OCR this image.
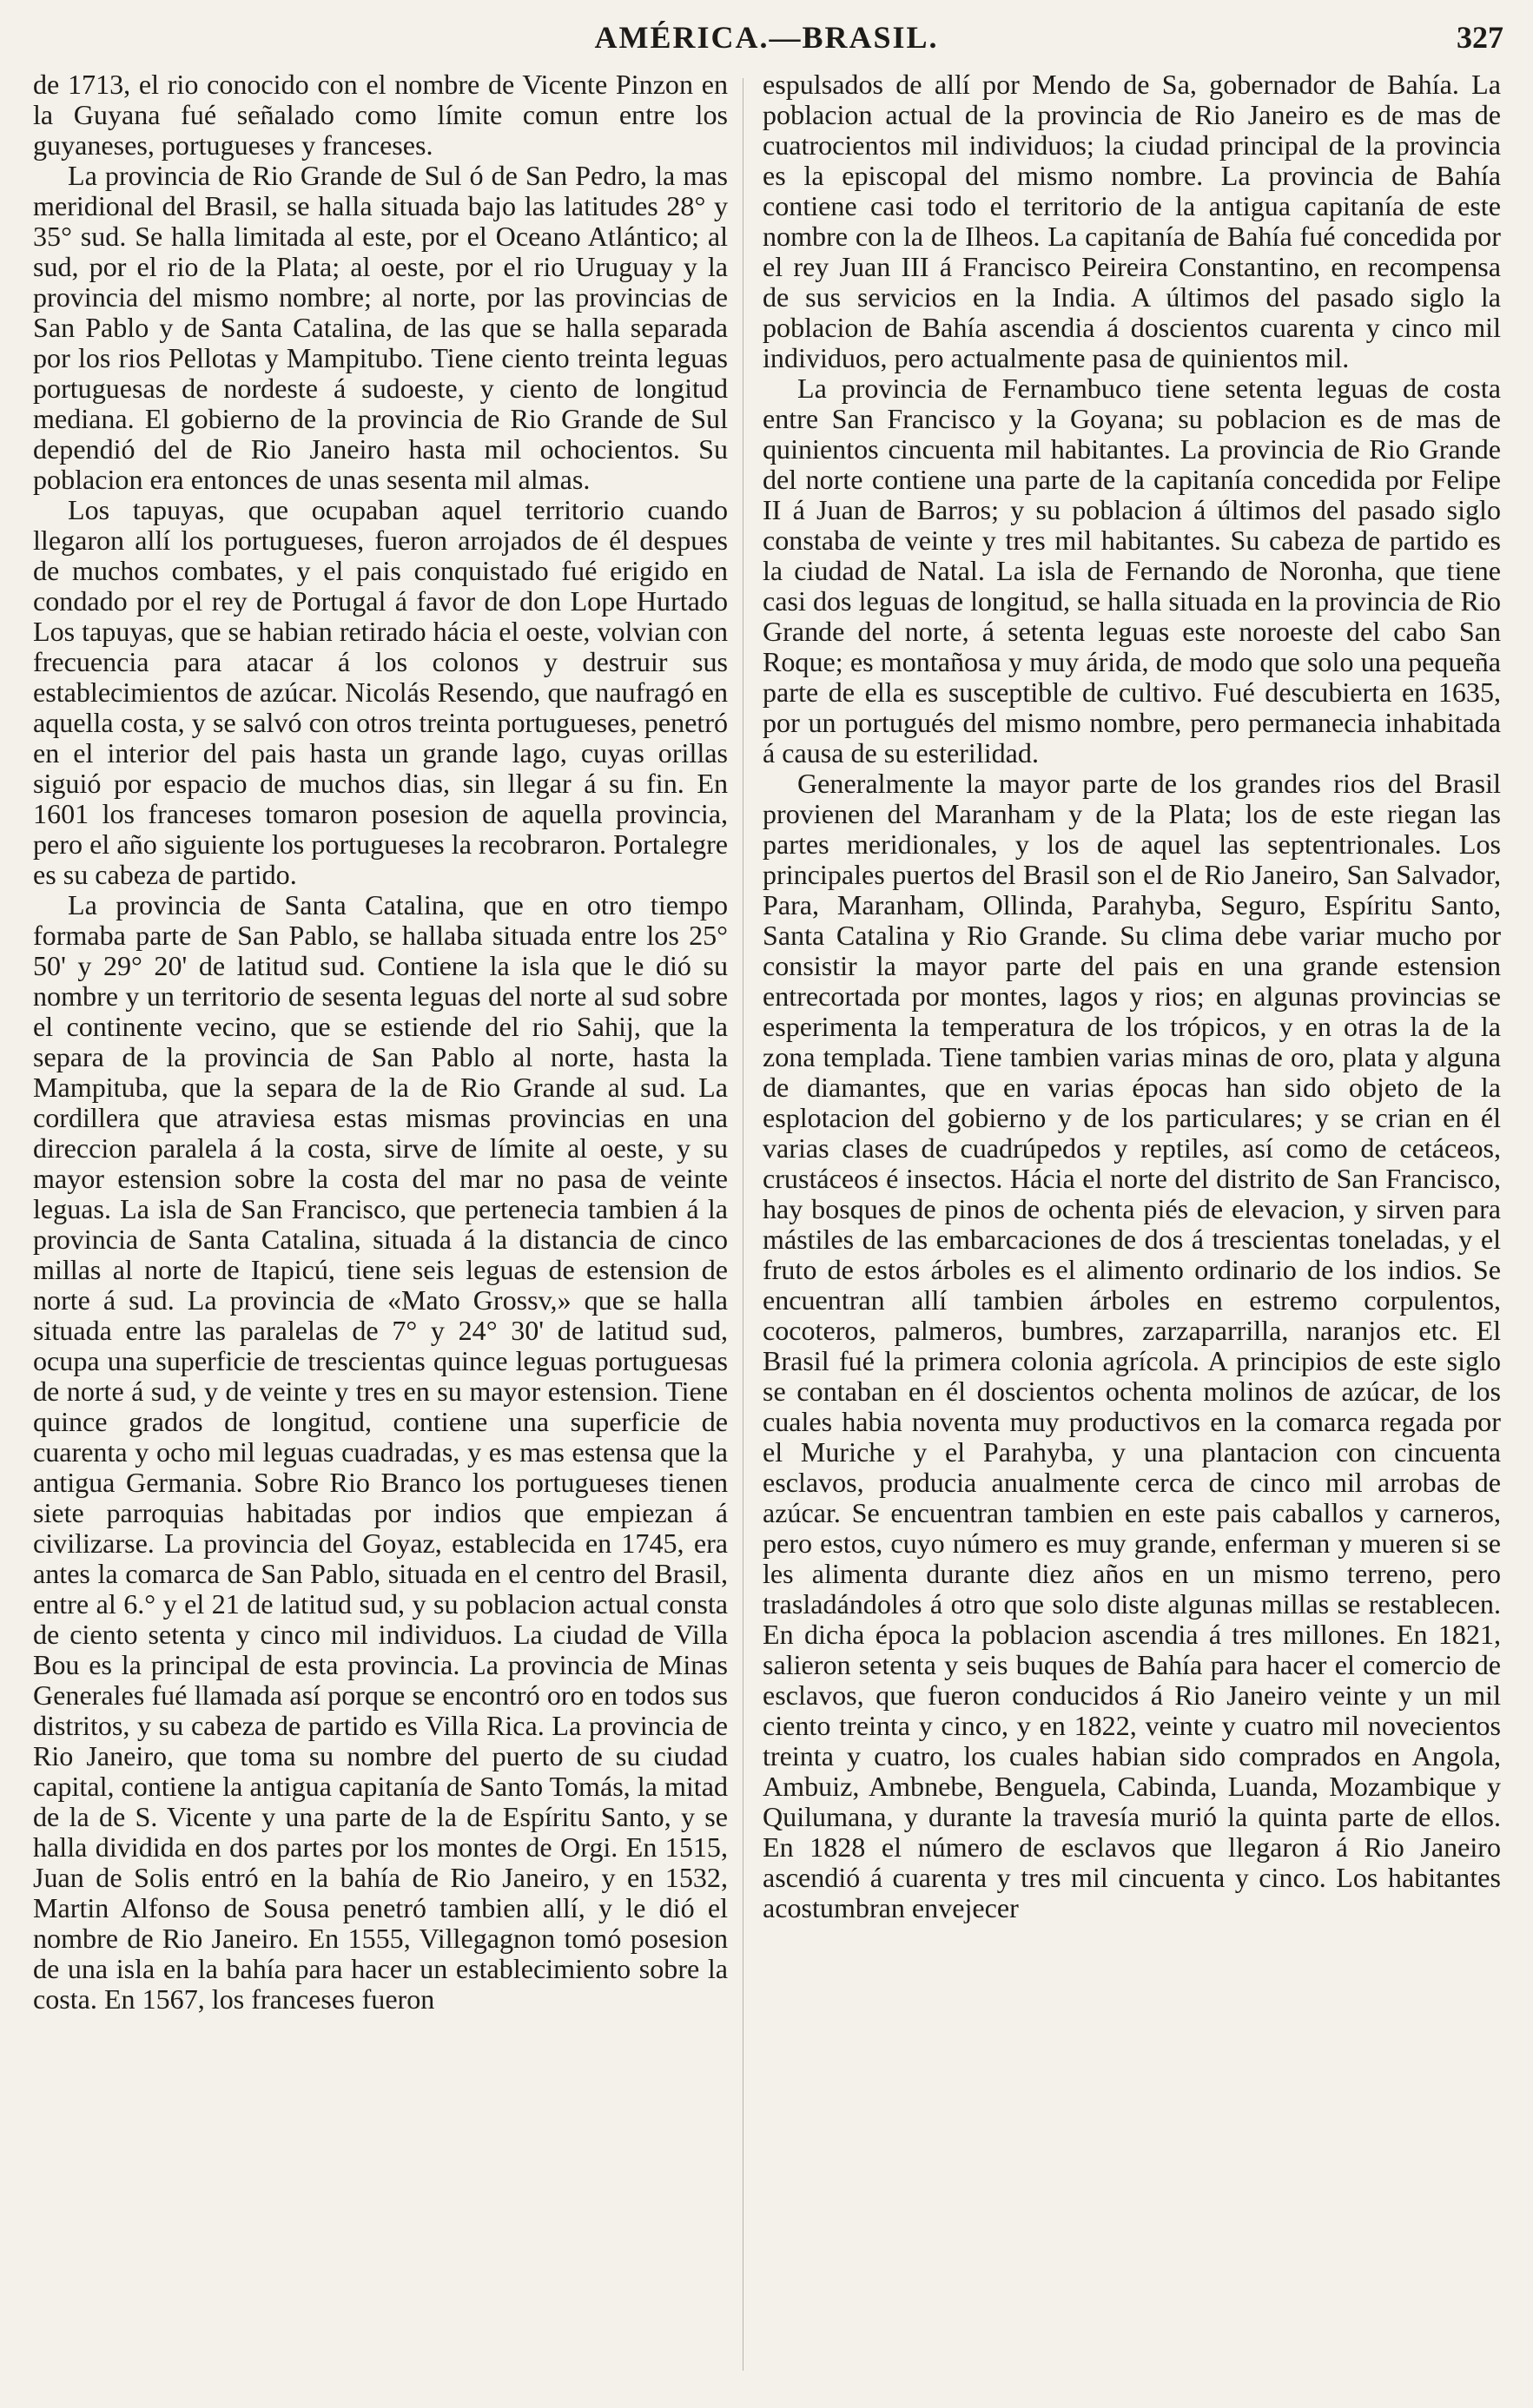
AMÉRICA.—BRASIL.	327

de 1713, el rio conocido con el nombre de Vicente Pinzon en la Guyana fué señalado como límite comun entre los guyaneses, portugueses y franceses.

La provincia de Rio Grande de Sul ó de San Pedro, la mas meridional del Brasil, se halla situada bajo las latitudes 28° y 35° sud. Se halla limitada al este, por el Oceano Atlántico; al sud, por el rio de la Plata; al oeste, por el rio Uruguay y la provincia del mismo nombre; al norte, por las provincias de San Pablo y de Santa Catalina, de las que se halla separada por los rios Pellotas y Mampitubo. Tiene ciento treinta leguas portuguesas de nordeste á sudoeste, y ciento de longitud mediana. El gobierno de la provincia de Rio Grande de Sul dependió del de Rio Janeiro hasta mil ochocientos. Su poblacion era entonces de unas sesenta mil almas.

Los tapuyas, que ocupaban aquel territorio cuando llegaron allí los portugueses, fueron arrojados de él despues de muchos combates, y el pais conquistado fué erigido en condado por el rey de Portugal á favor de don Lope Hurtado Los tapuyas, que se habian retirado hácia el oeste, volvian con frecuencia para atacar á los colonos y destruir sus establecimientos de azúcar. Nicolás Resendo, que naufragó en aquella costa, y se salvó con otros treinta portugueses, penetró en el interior del pais hasta un grande lago, cuyas orillas siguió por espacio de muchos dias, sin llegar á su fin. En 1601 los franceses tomaron posesion de aquella provincia, pero el año siguiente los portugueses la recobraron. Portalegre es su cabeza de partido.

La provincia de Santa Catalina, que en otro tiempo formaba parte de San Pablo, se hallaba situada entre los 25° 50' y 29° 20' de latitud sud. Contiene la isla que le dió su nombre y un territorio de sesenta leguas del norte al sud sobre el continente vecino, que se estiende del rio Sahij, que la separa de la provincia de San Pablo al norte, hasta la Mampituba, que la separa de la de Rio Grande al sud. La cordillera que atraviesa estas mismas provincias en una direccion paralela á la costa, sirve de límite al oeste, y su mayor estension sobre la costa del mar no pasa de veinte leguas. La isla de San Francisco, que pertenecia tambien á la provincia de Santa Catalina, situada á la distancia de cinco millas al norte de Itapicú, tiene seis leguas de estension de norte á sud. La provincia de «Mato Grossv,» que se halla situada entre las paralelas de 7° y 24° 30' de latitud sud, ocupa una superficie de trescientas quince leguas portuguesas de norte á sud, y de veinte y tres en su mayor estension. Tiene quince grados de longitud, contiene una superficie de cuarenta y ocho mil leguas cuadradas, y es mas estensa que la antigua Germania. Sobre Rio Branco los portugueses tienen siete parroquias habitadas por indios que empiezan á civilizarse. La provincia del Goyaz, establecida en 1745, era antes la comarca de San Pablo, situada en el centro del Brasil, entre al 6.° y el 21 de latitud sud, y su poblacion actual consta de ciento setenta y cinco mil individuos. La ciudad de Villa Bou es la principal de esta provincia. La provincia de Minas Generales fué llamada así porque se encontró oro en todos sus distritos, y su cabeza de partido es Villa Rica. La provincia de Rio Janeiro, que toma su nombre del puerto de su ciudad capital, contiene la antigua capitanía de Santo Tomás, la mitad de la de S. Vicente y una parte de la de Espíritu Santo, y se halla dividida en dos partes por los montes de Orgi. En 1515, Juan de Solis entró en la bahía de Rio Janeiro, y en 1532, Martin Alfonso de Sousa penetró tambien allí, y le dió el nombre de Rio Janeiro. En 1555, Villegagnon tomó posesion de una isla en la bahía para hacer un establecimiento sobre la costa. En 1567, los franceses fueron

espulsados de allí por Mendo de Sa, gobernador de Bahía. La poblacion actual de la provincia de Rio Janeiro es de mas de cuatrocientos mil individuos; la ciudad principal de la provincia es la episcopal del mismo nombre. La provincia de Bahía contiene casi todo el territorio de la antigua capitanía de este nombre con la de Ilheos. La capitanía de Bahía fué concedida por el rey Juan III á Francisco Peireira Constantino, en recompensa de sus servicios en la India. A últimos del pasado siglo la poblacion de Bahía ascendia á doscientos cuarenta y cinco mil individuos, pero actualmente pasa de quinientos mil.

La provincia de Fernambuco tiene setenta leguas de costa entre San Francisco y la Goyana; su poblacion es de mas de quinientos cincuenta mil habitantes. La provincia de Rio Grande del norte contiene una parte de la capitanía concedida por Felipe II á Juan de Barros; y su poblacion á últimos del pasado siglo constaba de veinte y tres mil habitantes. Su cabeza de partido es la ciudad de Natal. La isla de Fernando de Noronha, que tiene casi dos leguas de longitud, se halla situada en la provincia de Rio Grande del norte, á setenta leguas este noroeste del cabo San Roque; es montañosa y muy árida, de modo que solo una pequeña parte de ella es susceptible de cultivo. Fué descubierta en 1635, por un portugués del mismo nombre, pero permanecia inhabitada á causa de su esterilidad.

Generalmente la mayor parte de los grandes rios del Brasil provienen del Maranham y de la Plata; los de este riegan las partes meridionales, y los de aquel las septentrionales. Los principales puertos del Brasil son el de Rio Janeiro, San Salvador, Para, Maranham, Ollinda, Parahyba, Seguro, Espíritu Santo, Santa Catalina y Rio Grande. Su clima debe variar mucho por consistir la mayor parte del pais en una grande estension entrecortada por montes, lagos y rios; en algunas provincias se esperimenta la temperatura de los trópicos, y en otras la de la zona templada. Tiene tambien varias minas de oro, plata y alguna de diamantes, que en varias épocas han sido objeto de la esplotacion del gobierno y de los particulares; y se crian en él varias clases de cuadrúpedos y reptiles, así como de cetáceos, crustáceos é insectos. Hácia el norte del distrito de San Francisco, hay bosques de pinos de ochenta piés de elevacion, y sirven para mástiles de las embarcaciones de dos á trescientas toneladas, y el fruto de estos árboles es el alimento ordinario de los indios. Se encuentran allí tambien árboles en estremo corpulentos, cocoteros, palmeros, bumbres, zarzaparrilla, naranjos etc. El Brasil fué la primera colonia agrícola. A principios de este siglo se contaban en él doscientos ochenta molinos de azúcar, de los cuales habia noventa muy productivos en la comarca regada por el Muriche y el Parahyba, y una plantacion con cincuenta esclavos, producia anualmente cerca de cinco mil arrobas de azúcar. Se encuentran tambien en este pais caballos y carneros, pero estos, cuyo número es muy grande, enferman y mueren si se les alimenta durante diez años en un mismo terreno, pero trasladándoles á otro que solo diste algunas millas se restablecen. En dicha época la poblacion ascendia á tres millones. En 1821, salieron setenta y seis buques de Bahía para hacer el comercio de esclavos, que fueron conducidos á Rio Janeiro veinte y un mil ciento treinta y cinco, y en 1822, veinte y cuatro mil novecientos treinta y cuatro, los cuales habian sido comprados en Angola, Ambuiz, Ambnebe, Benguela, Cabinda, Luanda, Mozambique y Quilumana, y durante la travesía murió la quinta parte de ellos. En 1828 el número de esclavos que llegaron á Rio Janeiro ascendió á cuarenta y tres mil cincuenta y cinco. Los habitantes acostumbran envejecer
